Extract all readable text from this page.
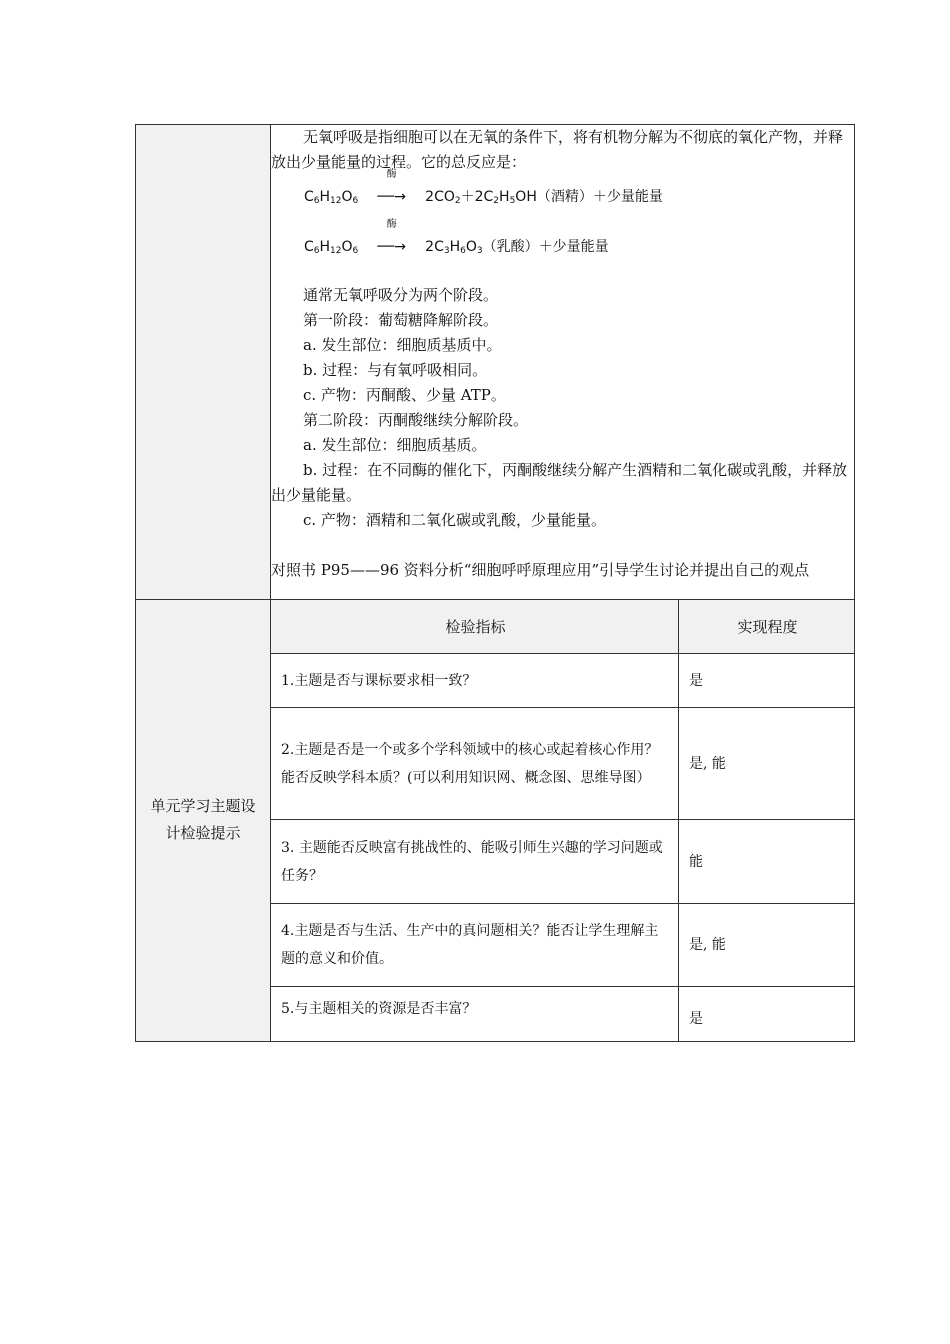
无氧呼吸是指细胞可以在无氧的条件下，将有机物分解为不彻底的氧化产物，并释放出少量能量的过程。它的总反应是：

$C_6H_{12}O_6$
酶
──→ $2CO_2+2C_2H_5OH$（酒精）＋少量能量
$C_6H_{12}O_6$
酶
──→ $2C_3H_6O_3$（乳酸）＋少量能量

通常无氧呼吸分为两个阶段。

第一阶段：葡萄糖降解阶段。

a. 发生部位：细胞质基质中。

b. 过程：与有氧呼吸相同。

c. 产物：丙酮酸、少量 ATP。

第二阶段：丙酮酸继续分解阶段。

a. 发生部位：细胞质基质。

b. 过程：在不同酶的催化下，丙酮酸继续分解产生酒精和二氧化碳或乳酸，并释放出少量能量。

c. 产物：酒精和二氧化碳或乳酸，少量能量。

对照书 P95——96 资料分析“细胞呼呼原理应用”引导学生讨论并提出自己的观点

单元学习主题设计检验提示

检验指标	实现程度
1.主题是否与课标要求相一致？	是
2.主题是否是一个或多个学科领域中的核心或起着核心作用？能否反映学科本质？(可以利用知识网、概念图、思维导图）	是, 能
3. 主题能否反映富有挑战性的、能吸引师生兴趣的学习问题或任务？	能
4.主题是否与生活、生产中的真问题相关？能否让学生理解主题的意义和价值。	是, 能
5.与主题相关的资源是否丰富？	是
